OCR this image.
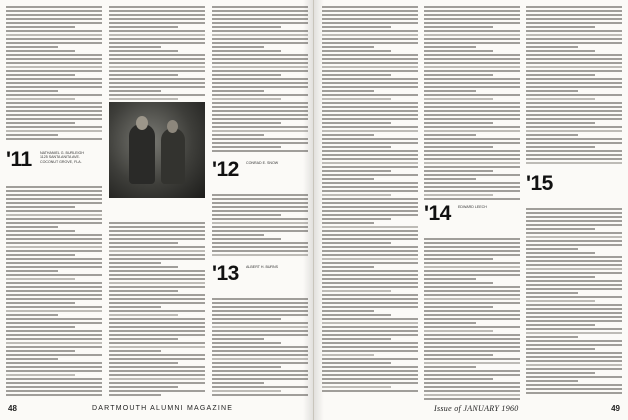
'11 NATHANIEL G. BURLEIGH
1125 SANTA ANITA AVE.
COCONUT GROVE, FLA.	'12 CONRAD E. SNOW
'13 ALBERT H. BURNS
48	DARTMOUTH ALUMNI MAGAZINE
'14 EDWARD LEECH
'15
Issue of JANUARY 1960	49
